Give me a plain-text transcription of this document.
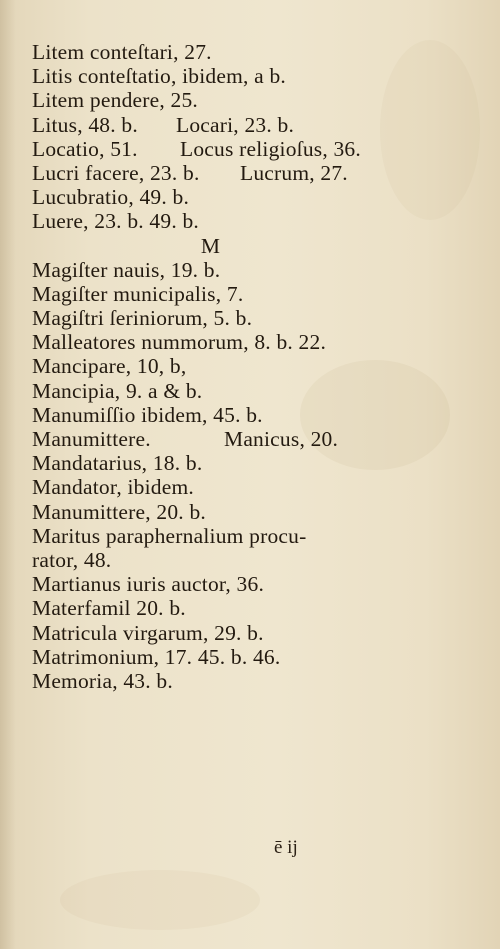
Litem conteſtari, 27.
Litis conteſtatio, ibidem, a b.
Litem pendere, 25.
Litus, 48. b. Locari, 23. b.
Locatio, 51. Locus religioſus, 36.
Lucri facere, 23. b. Lucrum, 27.
Lucubratio, 49. b.
Luere, 23. b. 49. b.
M
Magiſter nauis, 19. b.
Magiſter municipalis, 7.
Magiſtri ſeriniorum, 5. b.
Malleatores nummorum, 8. b. 22.
Mancipare, 10, b,
Mancipia, 9. a & b.
Manumiſſio ibidem, 45. b.
Manumittere.	Manicus, 20.
Mandatarius, 18. b.
Mandator, ibidem.
Manumittere, 20. b.
Maritus paraphernalium procu-
rator, 48.
Martianus iuris auctor, 36.
Materfamil 20. b.
Matricula virgarum, 29. b.
Matrimonium, 17. 45. b. 46.
Memoria, 43. b.
ē ij
